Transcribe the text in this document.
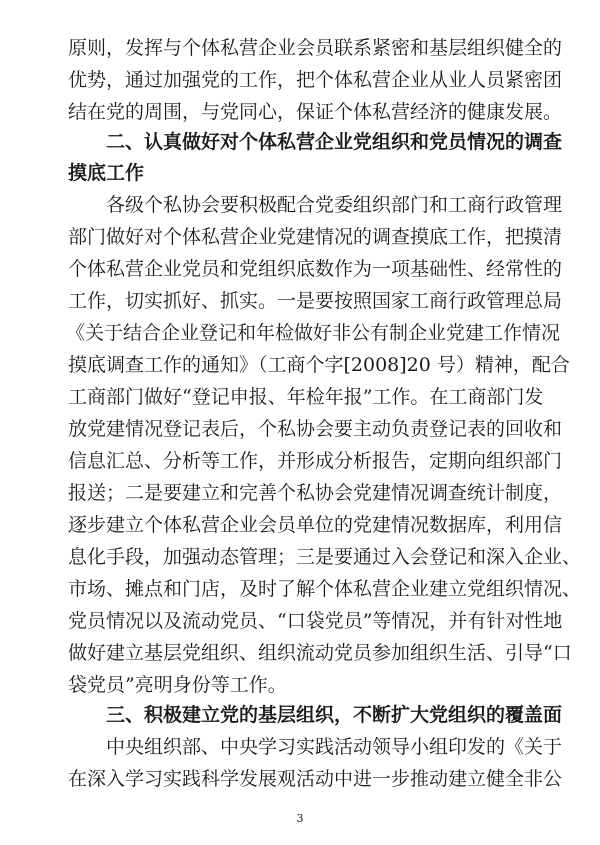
原则，发挥与个体私营企业会员联系紧密和基层组织健全的
优势，通过加强党的工作，把个体私营企业从业人员紧密团
结在党的周围，与党同心，保证个体私营经济的健康发展。
二、认真做好对个体私营企业党组织和党员情况的调查
摸底工作
各级个私协会要积极配合党委组织部门和工商行政管理
部门做好对个体私营企业党建情况的调查摸底工作，把摸清
个体私营企业党员和党组织底数作为一项基础性、经常性的
工作，切实抓好、抓实。一是要按照国家工商行政管理总局
《关于结合企业登记和年检做好非公有制企业党建工作情况
摸底调查工作的通知》（工商个字[2008]20 号）精神，配合
工商部门做好“登记申报、年检年报”工作。在工商部门发
放党建情况登记表后，个私协会要主动负责登记表的回收和
信息汇总、分析等工作，并形成分析报告，定期向组织部门
报送；二是要建立和完善个私协会党建情况调查统计制度，
逐步建立个体私营企业会员单位的党建情况数据库，利用信
息化手段，加强动态管理；三是要通过入会登记和深入企业、
市场、摊点和门店，及时了解个体私营企业建立党组织情况、
党员情况以及流动党员、“口袋党员”等情况，并有针对性地
做好建立基层党组织、组织流动党员参加组织生活、引导“口
袋党员”亮明身份等工作。
三、积极建立党的基层组织，不断扩大党组织的覆盖面
中央组织部、中央学习实践活动领导小组印发的《关于
在深入学习实践科学发展观活动中进一步推动建立健全非公
3
